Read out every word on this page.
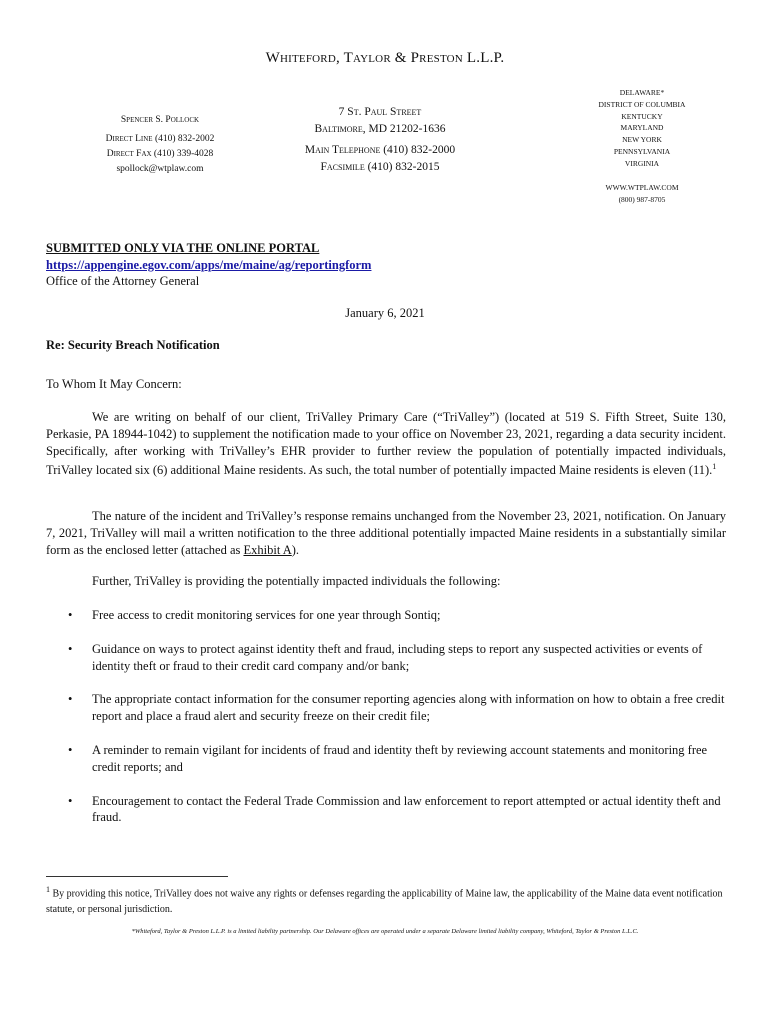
Whiteford, Taylor & Preston L.L.P.
Spencer S. Pollock
Direct Line (410) 832-2002
Direct Fax (410) 339-4028
spollock@wtplaw.com
7 St. Paul Street
Baltimore, MD 21202-1636
Main Telephone (410) 832-2000
Facsimile (410) 832-2015
DELAWARE*
DISTRICT OF COLUMBIA
KENTUCKY
MARYLAND
NEW YORK
PENNSYLVANIA
VIRGINIA
WWW.WTPLAW.COM
(800) 987-8705
SUBMITTED ONLY VIA THE ONLINE PORTAL
https://appengine.egov.com/apps/me/maine/ag/reportingform
Office of the Attorney General
January 6, 2021
Re: Security Breach Notification
To Whom It May Concern:
We are writing on behalf of our client, TriValley Primary Care (“TriValley”) (located at 519 S. Fifth Street, Suite 130, Perkasie, PA 18944-1042) to supplement the notification made to your office on November 23, 2021, regarding a data security incident. Specifically, after working with TriValley’s EHR provider to further review the population of potentially impacted individuals, TriValley located six (6) additional Maine residents. As such, the total number of potentially impacted Maine residents is eleven (11).$^1$
The nature of the incident and TriValley’s response remains unchanged from the November 23, 2021, notification. On January 7, 2021, TriValley will mail a written notification to the three additional potentially impacted Maine residents in a substantially similar form as the enclosed letter (attached as Exhibit A).
Further, TriValley is providing the potentially impacted individuals the following:
• Free access to credit monitoring services for one year through Sontiq;
• Guidance on ways to protect against identity theft and fraud, including steps to report any suspected activities or events of identity theft or fraud to their credit card company and/or bank;
• The appropriate contact information for the consumer reporting agencies along with information on how to obtain a free credit report and place a fraud alert and security freeze on their credit file;
• A reminder to remain vigilant for incidents of fraud and identity theft by reviewing account statements and monitoring free credit reports; and
• Encouragement to contact the Federal Trade Commission and law enforcement to report attempted or actual identity theft and fraud.
$^1$ By providing this notice, TriValley does not waive any rights or defenses regarding the applicability of Maine law, the applicability of the Maine data event notification statute, or personal jurisdiction.
*Whiteford, Taylor & Preston L.L.P. is a limited liability partnership. Our Delaware offices are operated under a separate Delaware limited liability company, Whiteford, Taylor & Preston L.L.C.
